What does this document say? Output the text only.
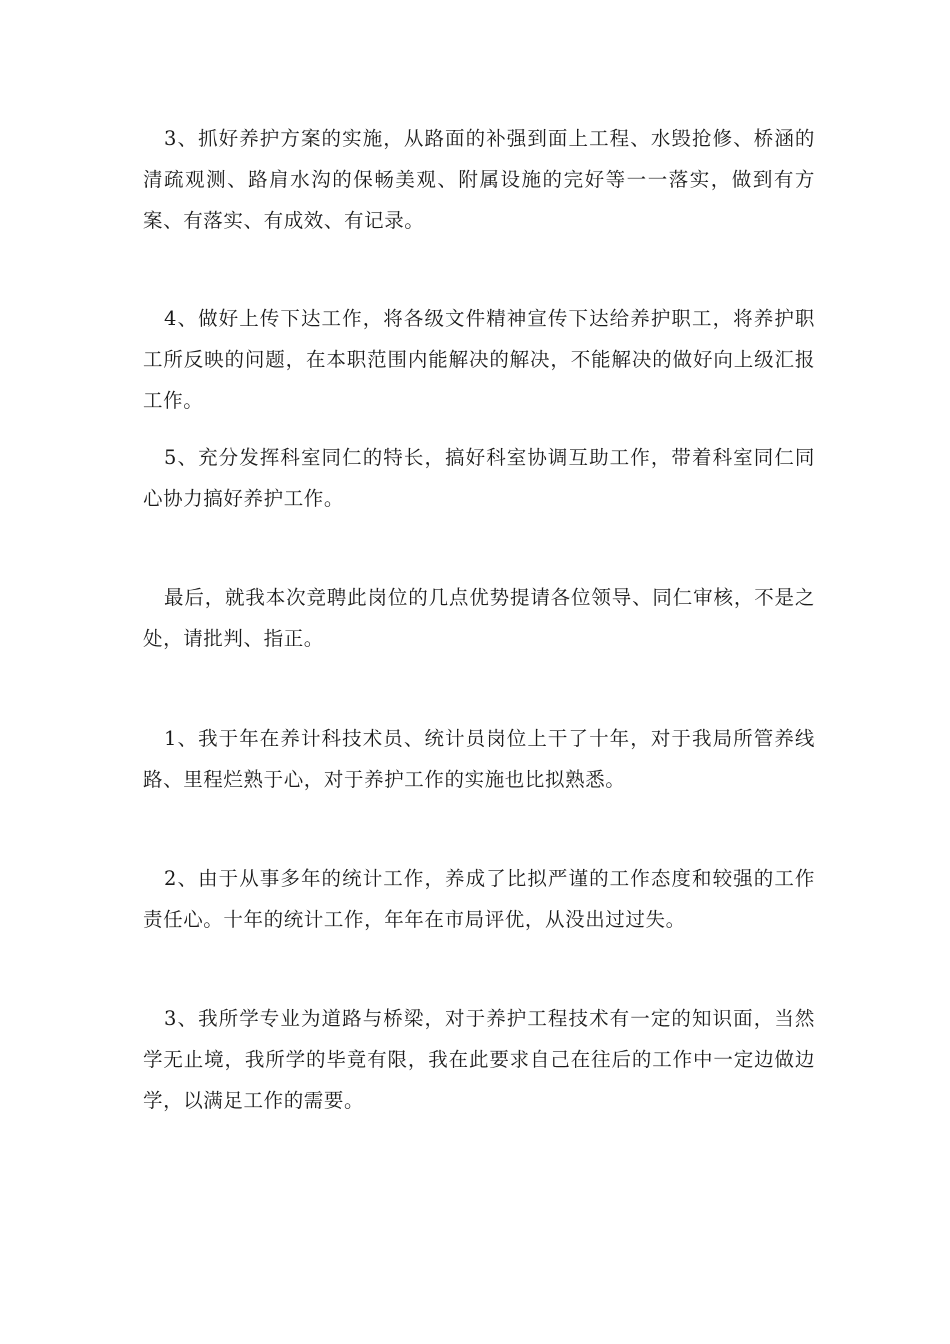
3、抓好养护方案的实施，从路面的补强到面上工程、水毁抢修、桥涵的清疏观测、路肩水沟的保畅美观、附属设施的完好等一一落实，做到有方案、有落实、有成效、有记录。

4、做好上传下达工作，将各级文件精神宣传下达给养护职工，将养护职工所反映的问题，在本职范围内能解决的解决，不能解决的做好向上级汇报工作。

5、充分发挥科室同仁的特长，搞好科室协调互助工作，带着科室同仁同心协力搞好养护工作。

最后，就我本次竞聘此岗位的几点优势提请各位领导、同仁审核，不是之处，请批判、指正。

1、我于年在养计科技术员、统计员岗位上干了十年，对于我局所管养线路、里程烂熟于心，对于养护工作的实施也比拟熟悉。

2、由于从事多年的统计工作，养成了比拟严谨的工作态度和较强的工作责任心。十年的统计工作，年年在市局评优，从没出过过失。

3、我所学专业为道路与桥梁，对于养护工程技术有一定的知识面，当然学无止境，我所学的毕竟有限，我在此要求自己在往后的工作中一定边做边学，以满足工作的需要。
